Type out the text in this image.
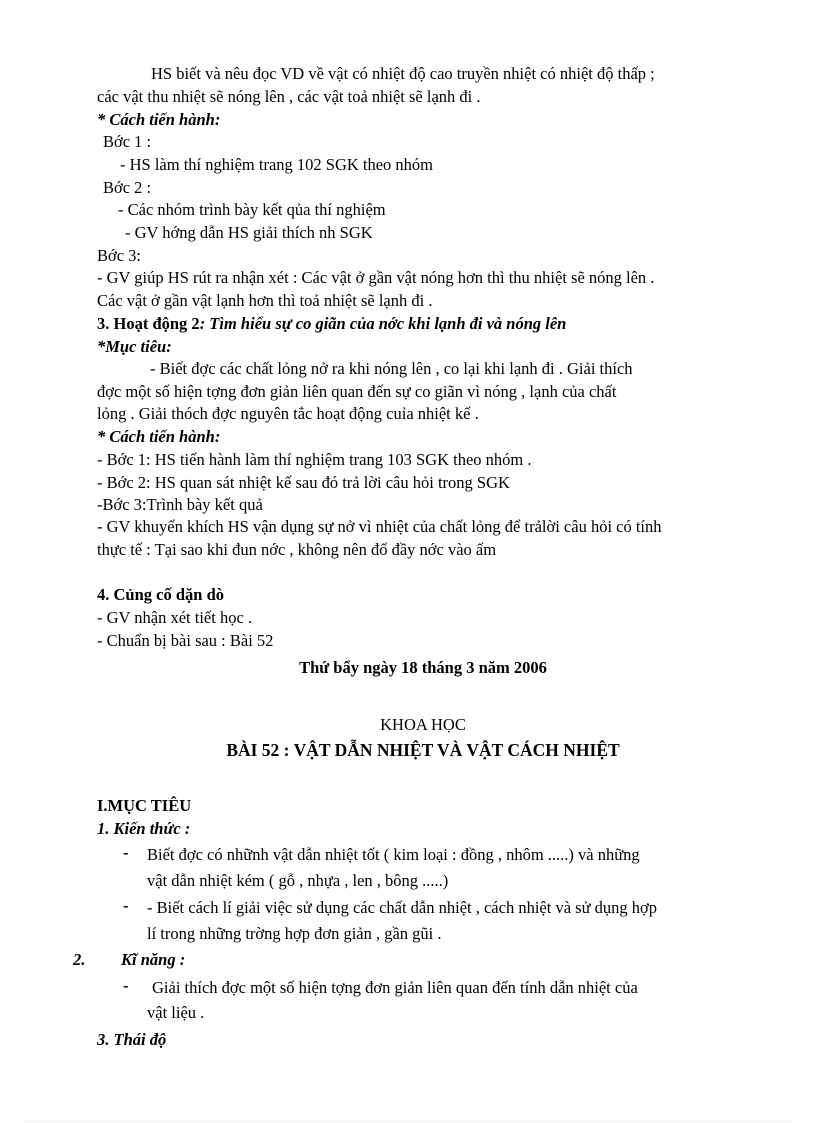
HS biết và nêu đọc VD về vật có nhiệt độ cao truyền nhiệt có nhiệt độ thấp ;
các vật thu nhiệt sẽ nóng lên , các vật toả nhiệt sẽ lạnh đi .
* Cách tiến hành:
Bớc 1 :
- HS làm thí nghiệm trang 102 SGK theo nhóm
Bớc 2 :
- Các nhóm trình bày kết qủa thí nghiệm
- GV hớng dẫn HS giải thích nh SGK
Bớc 3:
- GV giúp HS rút ra nhận xét : Các vật ở gần vật nóng hơn thì thu nhiệt sẽ nóng lên .
Các vật ở gần vật lạnh hơn thì toả nhiệt sẽ lạnh đi .
3. Hoạt động 2: Tìm hiểu sự co giãn của nớc khi lạnh đi và nóng lên
*Mục tiêu:
- Biết đợc các chất lỏng nở ra khi nóng lên , co lại khi lạnh đi . Giải thích
đợc một số hiện tợng đơn giản liên quan đến sự co giãn vì nóng , lạnh của chất
lỏng . Giải thóch đợc nguyên tắc hoạt động cuỉa nhiệt kế .
* Cách tiến hành:
- Bớc 1: HS tiến hành làm thí nghiệm trang 103 SGK theo nhóm .
- Bớc 2: HS quan sát nhiệt kế sau đó trả lời câu hỏi trong SGK
-Bớc 3:Trình bày kết quả
- GV khuyến khích HS vận dụng sự nở vì nhiệt của chất lỏng để trảlời câu hỏi có tính
thực tế : Tại sao khi đun nớc , không nên đổ đầy nớc vào ấm
4. Củng cố dặn dò
- GV nhận xét tiết học .
- Chuẩn bị bài sau : Bài 52
Thứ bẩy ngày 18 tháng 3 năm 2006
KHOA HỌC
BÀI 52 : VẬT DẪN NHIỆT VÀ VẬT CÁCH NHIỆT
I.MỤC TIÊU
1. Kiến thức :
- Biết đợc có nhữnh vật dẫn nhiệt tốt ( kim loại : đồng , nhôm .....) và những
vật dẫn nhiệt kém ( gỗ , nhựa , len , bông .....)
- - Biết cách lí giải việc sử dụng các chất dẫn nhiệt , cách nhiệt và sử dụng hợp
lí trong những trờng hợp đơn giản , gần gũi .
2. Kĩ năng :
- Giải thích đợc một số hiện tợng đơn giản liên quan đến tính dẫn nhiệt của
vật liệu .
3. Thái độ
